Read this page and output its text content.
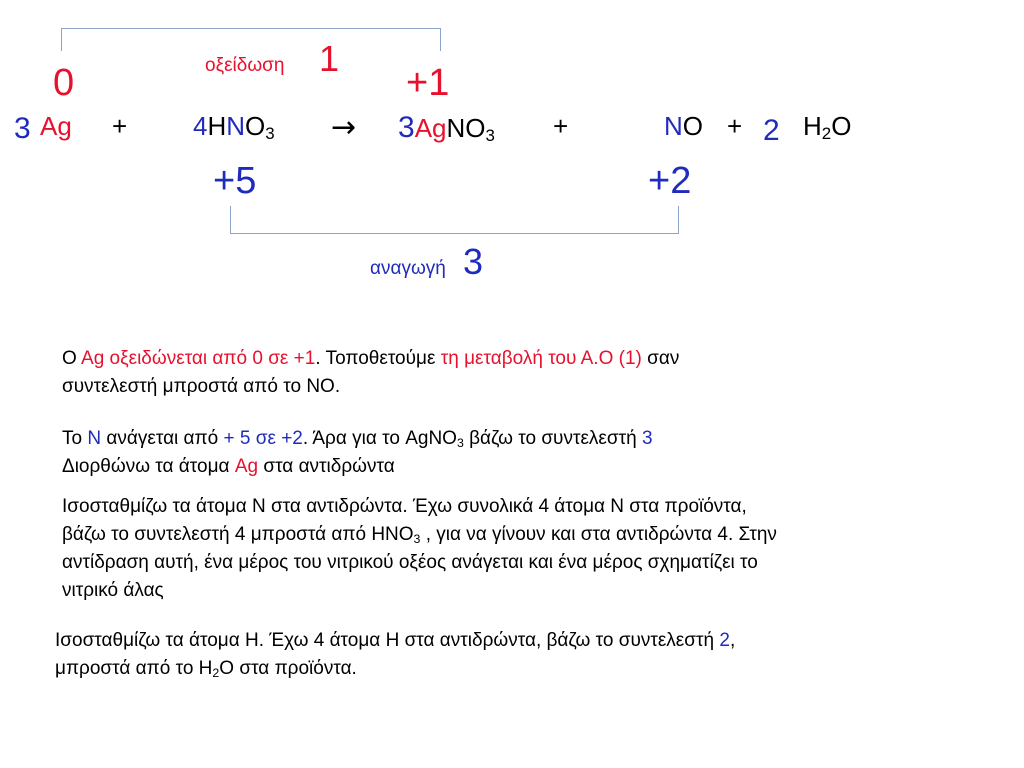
οξείδωση 1
0	+1
+5	+2
3 Ag +	$4HNO_3$ → 3AgNO$_3$ +	NO + 2 $H_2O$
αναγωγή 3
O Ag οξειδώνεται από 0 σε +1. Τοποθετούμε τη μεταβολή του Α.Ο (1) σαν
συντελεστή μπροστά από το NO.
Το N ανάγεται από + 5 σε +2. Άρα για το AgNO$_3$ βάζω το συντελεστή 3
Διορθώνω τα άτομα Ag στα αντιδρώντα
Ισοσταθμίζω τα άτομα Ν στα αντιδρώντα. Έχω συνολικά 4 άτομα Ν στα προϊόντα,
βάζω το συντελεστή 4 μπροστά από $HNO_3$ , για να γίνουν και στα αντιδρώντα 4. Στην
αντίδραση αυτή, ένα μέρος του νιτρικού οξέος ανάγεται και ένα μέρος σχηματίζει το
νιτρικό άλας
Ισοσταθμίζω τα άτομα Η. Έχω 4 άτομα Η στα αντιδρώντα, βάζω το συντελεστή 2,
μπροστά από το $H_2O$ στα προϊόντα.
